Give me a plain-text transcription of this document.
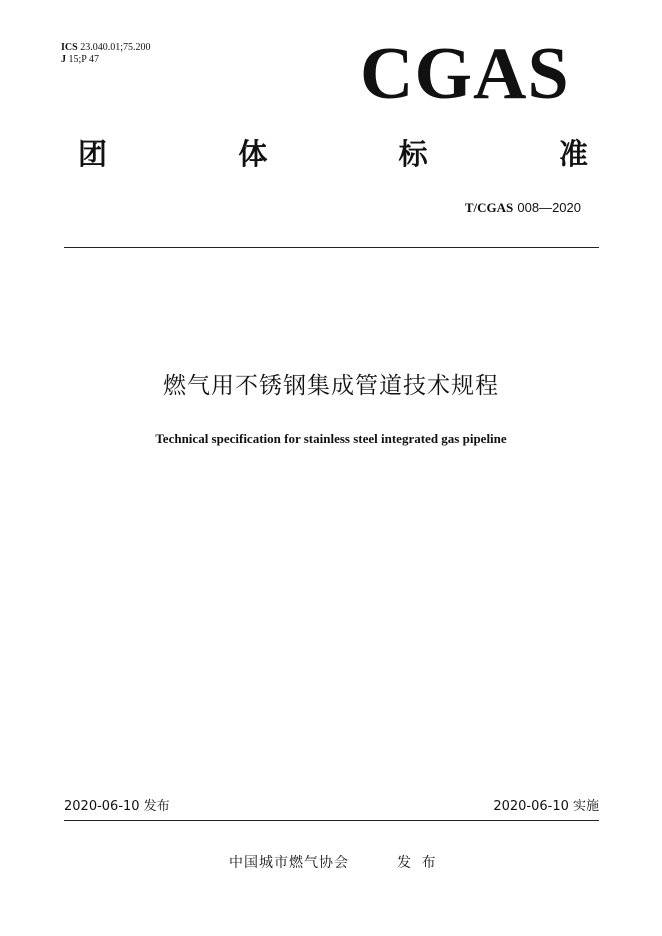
ICS 23.040.01;75.200
J 15;P 47	CGAS
团	体	标	准
T/CGAS 008—2020
燃气用不锈钢集成管道技术规程
Technical specification for stainless steel integrated gas pipeline
2020-06-10 发布	2020-06-10 实施
中国城市燃气协会	发 布
